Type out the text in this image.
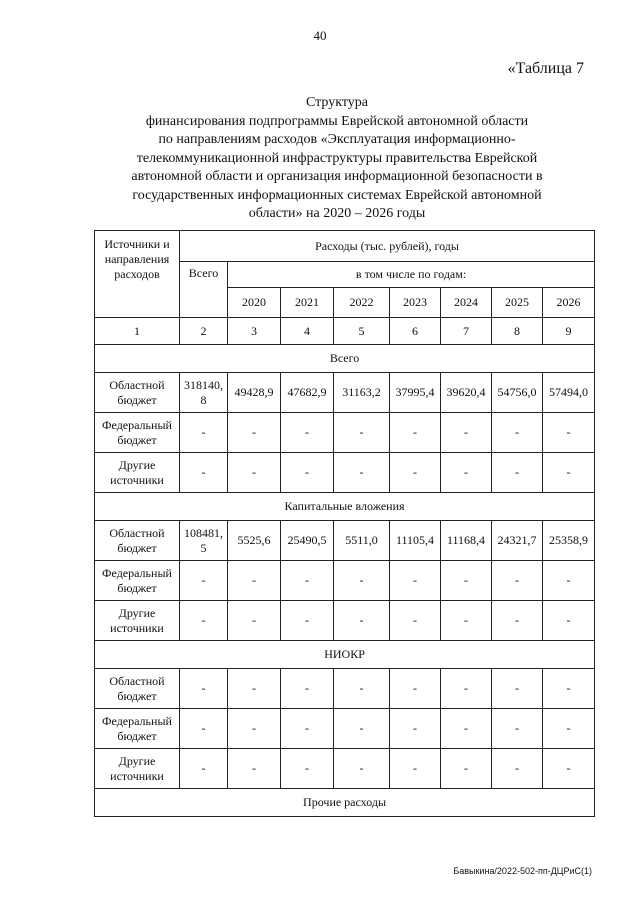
40
«Таблица 7
Структура
финансирования подпрограммы Еврейской автономной области
по направлениям расходов «Эксплуатация информационно-
телекоммуникационной инфраструктуры правительства Еврейской
автономной области и организация информационной безопасности в
государственных информационных системах Еврейской автономной
области» на 2020 – 2026 годы
Источники и направления расходов	Расходы (тыс. рублей), годы							
	Всего	в том числе по годам:						
		2020	2021	2022	2023	2024	2025	2026
1	2	3	4	5	6	7	8	9
Всего								
Областной бюджет	318140,8	49428,9	47682,9	31163,2	37995,4	39620,4	54756,0	57494,0
Федеральный бюджет	-	-	-	-	-	-	-	-
Другие источники	-	-	-	-	-	-	-	-
Капитальные вложения								
Областной бюджет	108481,5	5525,6	25490,5	5511,0	11105,4	11168,4	24321,7	25358,9
Федеральный бюджет	-	-	-	-	-	-	-	-
Другие источники	-	-	-	-	-	-	-	-
НИОКР								
Областной бюджет	-	-	-	-	-	-	-	-
Федеральный бюджет	-	-	-	-	-	-	-	-
Другие источники	-	-	-	-	-	-	-	-
Прочие расходы								
Бавыкина/2022-502-пп-ДЦРиС(1)
